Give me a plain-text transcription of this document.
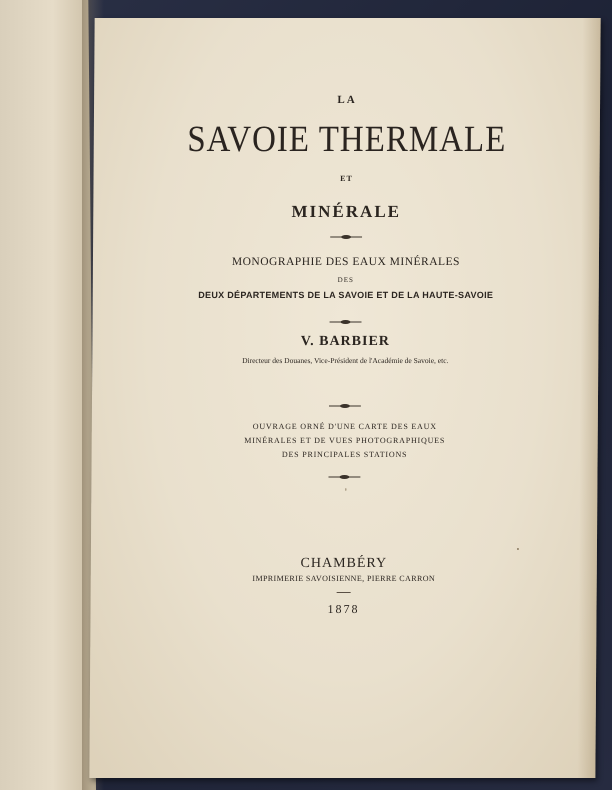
LA
SAVOIE THERMALE
ET
MINÉRALE
MONOGRAPHIE DES EAUX MINÉRALES
DES
DEUX DÉPARTEMENTS DE LA SAVOIE ET DE LA HAUTE-SAVOIE
V. BARBIER
Directeur des Douanes, Vice-Président de l'Académie de Savoie, etc.
OUVRAGE ORNÉ D'UNE CARTE DES EAUX
MINÉRALES ET DE VUES PHOTOGRAPHIQUES
DES PRINCIPALES STATIONS
CHAMBÉRY
IMPRIMERIE SAVOISIENNE, PIERRE CARRON
1878
